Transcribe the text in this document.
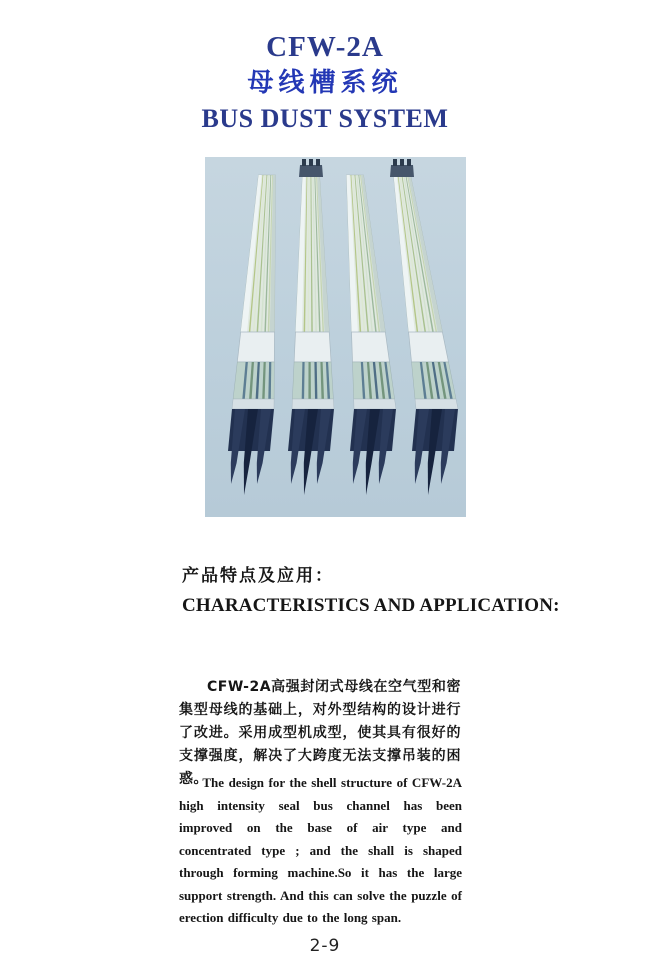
CFW-2A
母线槽系统
BUS DUST SYSTEM
产品特点及应用：
CHARACTERISTICS AND APPLICATION:

CFW-2A高强封闭式母线在空气型和密集型母线的基础上，对外型结构的设计进行了改进。采用成型机成型，使其具有很好的支撑强度，解决了大跨度无法支撑吊装的困惑。

The design for the shell structure of CFW-2A high intensity seal bus channel has been improved on the base of air type and concentrated type ; and the shall is shaped through forming machine.So it has the large support strength. And this can solve the puzzle of erection difficulty due to the long span.

2-9
